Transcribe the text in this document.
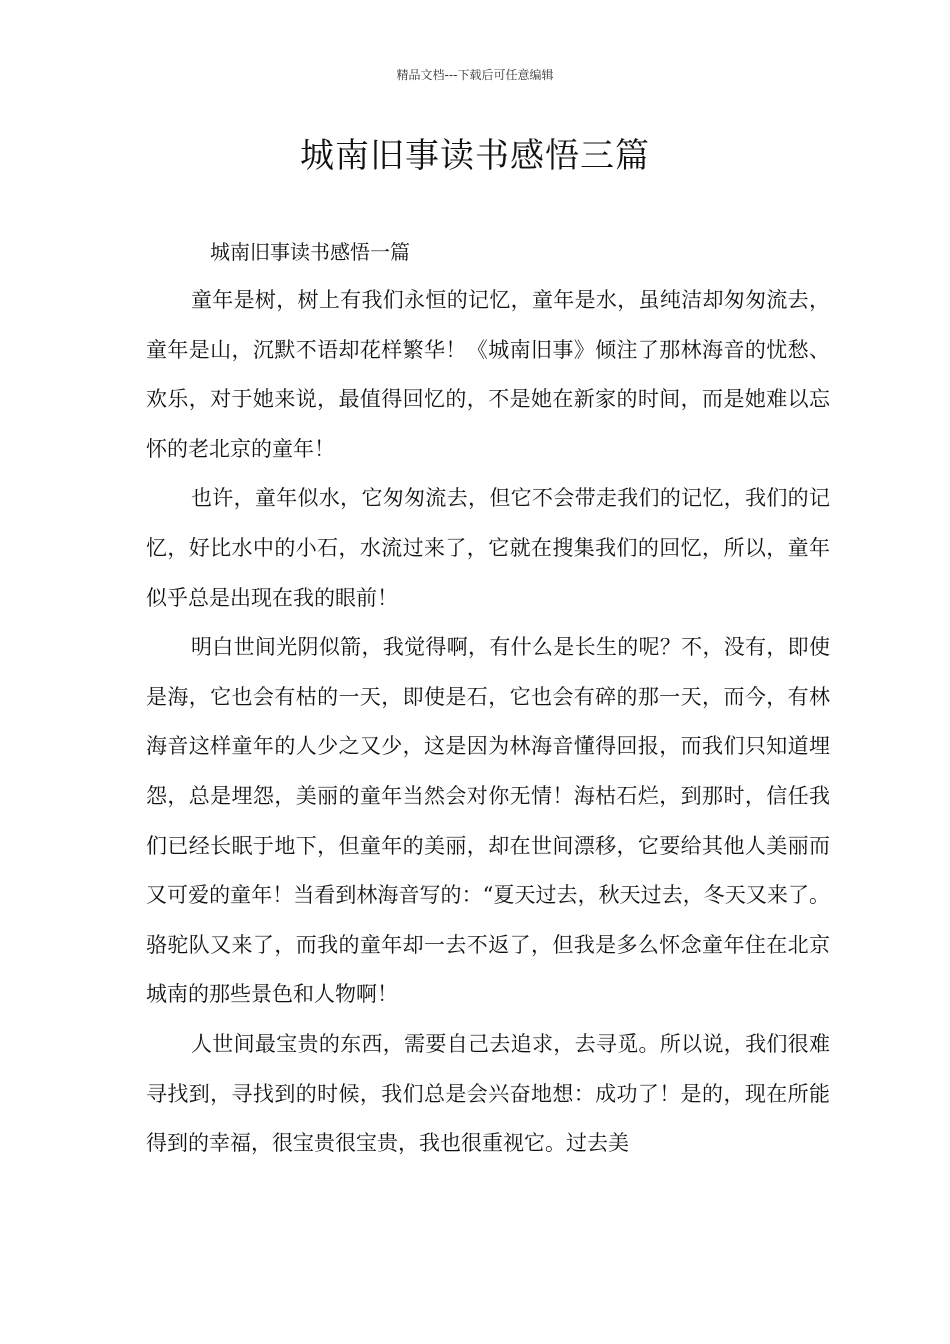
精品文档---下载后可任意编辑
城南旧事读书感悟三篇
城南旧事读书感悟一篇

童年是树，树上有我们永恒的记忆，童年是水，虽纯洁却匆匆流去，童年是山，沉默不语却花样繁华！《城南旧事》倾注了那林海音的忧愁、欢乐，对于她来说，最值得回忆的，不是她在新家的时间，而是她难以忘怀的老北京的童年！

也许，童年似水，它匆匆流去，但它不会带走我们的记忆，我们的记忆，好比水中的小石，水流过来了，它就在搜集我们的回忆，所以，童年似乎总是出现在我的眼前！

明白世间光阴似箭，我觉得啊，有什么是长生的呢？不，没有，即使是海，它也会有枯的一天，即使是石，它也会有碎的那一天，而今，有林海音这样童年的人少之又少，这是因为林海音懂得回报，而我们只知道埋怨，总是埋怨，美丽的童年当然会对你无情！海枯石烂，到那时，信任我们已经长眠于地下，但童年的美丽，却在世间漂移，它要给其他人美丽而又可爱的童年！当看到林海音写的：“夏天过去，秋天过去，冬天又来了。骆驼队又来了，而我的童年却一去不返了，但我是多么怀念童年住在北京城南的那些景色和人物啊！

人世间最宝贵的东西，需要自己去追求，去寻觅。所以说，我们很难寻找到，寻找到的时候，我们总是会兴奋地想：成功了！是的，现在所能得到的幸福，很宝贵很宝贵，我也很重视它。过去美
